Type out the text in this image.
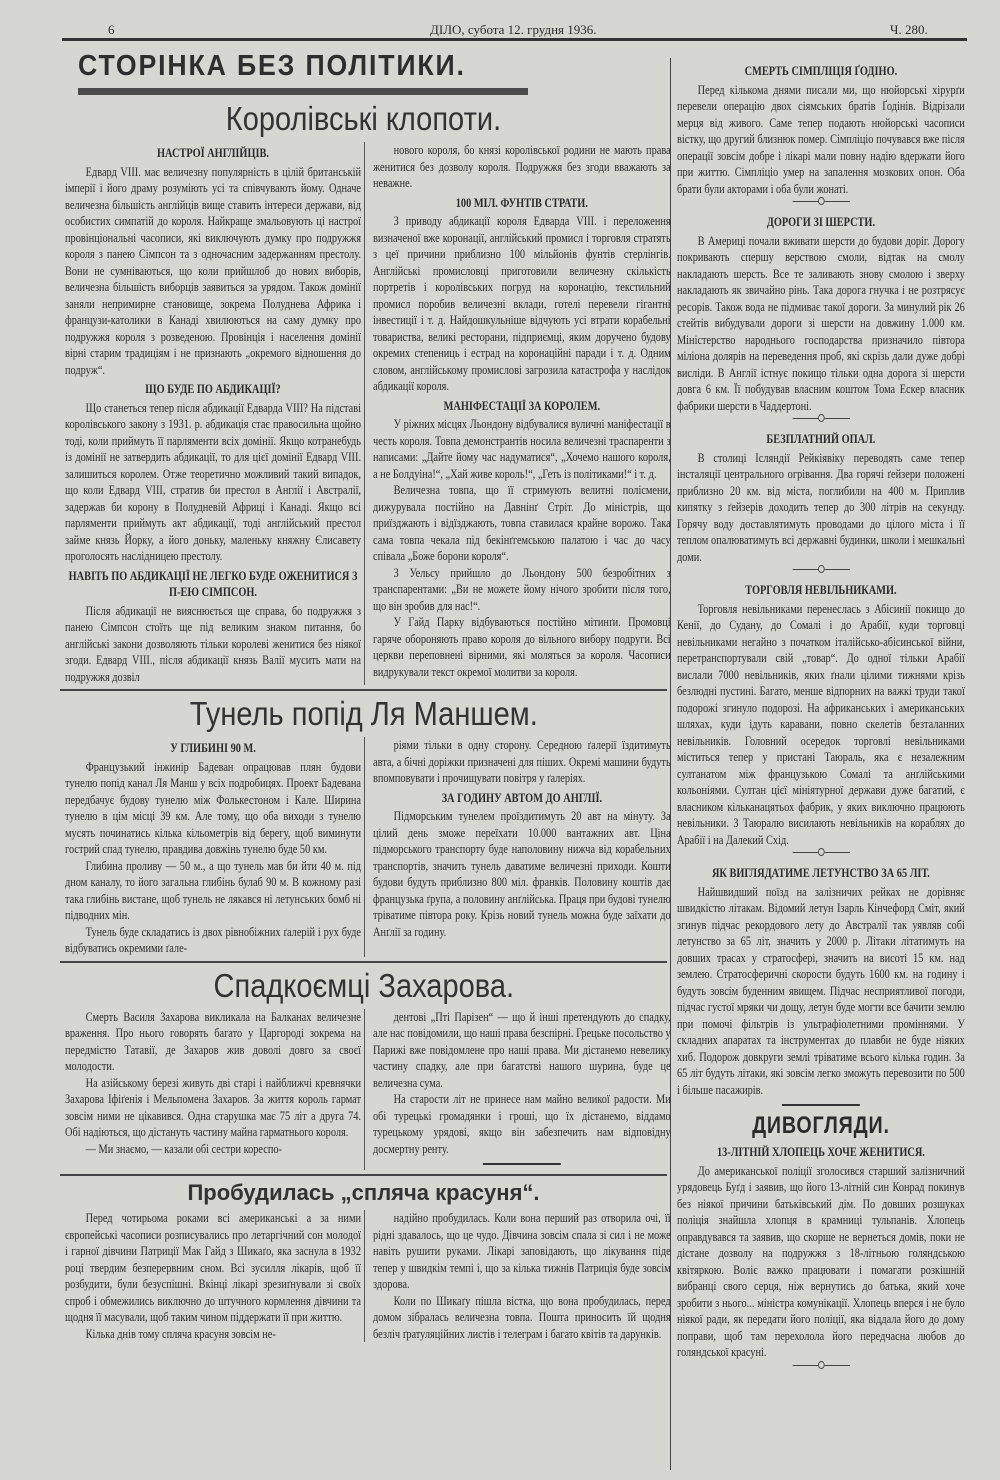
6	ДІЛО, субота 12. грудня 1936.	Ч. 280.
СТОРІНКА БЕЗ ПОЛІТИКИ.
Королівські клопоти.
НАСТРОЇ АНГЛІЙЦІВ.

Едвард VIII. має величезну популярність в цілій британській імперії і його драму розуміють усі та співчувають йому. Одначе величезна більшість англійців вище ставить інтереси держави, від особистих симпатій до короля. Найкраще змальовують ці настрої провінціональні часописи, які виключують думку про подружжя короля з панею Сімпсон та з одночасним задержанням престолу. Вони не сумніваються, що коли прийшлоб до нових виборів, величезна більшість виборців заявиться за урядом. Також домінії заняли непримирне становище, зокрема Полуднева Африка і французи-католики в Канаді хвилюються на саму думку про подружжя короля з розведеною. Провінція і населення домінії вірні старим традиціям і не признають „окремого відношення до подруж“.

ЩО БУДЕ ПО АБДИКАЦІЇ?

Що станеться тепер після абдикації Едварда VIII? На підставі королівського закону з 1931. р. абдикація стає правосильна щойно тоді, коли приймуть її парляменти всіх домінії. Якщо котранебудь із домінії не затвердить абдикації, то для цієї домінії Едвард VIII. залишиться королем. Отже теоретично можливий такий випадок, що коли Едвард VIII, стратив би престол в Англії і Австралії, задержав би корону в Полудневій Африці і Канаді. Якщо всі парляменти приймуть акт абдикації, тоді англійський престол займе князь Йорку, а його доньку, маленьку княжну Єлисавету проголосять наслідницею престолу.

НАВІТЬ ПО АБДИКАЦІЇ НЕ ЛЕГКО БУДЕ ОЖЕНИТИСЯ З П-ЕЮ СІМПСОН.

Після абдикації не вияснюється ще справа, бо подружжя з панею Сімпсон стоїть ще під великим знаком питання, бо англійські закони дозволяють тільки королеві женитися без ніякої згоди. Едвард VIII., після абдикації князь Валії мусить мати на подружжя дозвіл

нового короля, бо князі королівської родини не мають права женитися без дозволу короля. Подружжя без згоди вважають за неважне.

100 МІЛ. ФУНТІВ СТРАТИ.

З приводу абдикації короля Едварда VIII. і переложення визначеної вже коронації, англійський промисл і торговля стратять з цеї причини приблизно 100 мільйонів фунтів стерлінгів. Англійські промисловці приготовили величезну скількість портретів і королівських погруд на коронацію, текстильний промисл поробив величезні вклади, готелі перевели гігантні інвестиції і т. д. Найдошкульніше відчують усі втрати корабельні товариства, великі ресторани, підприємці, яким доручено будову окремих степениць і естрад на коронаційні паради і т. д. Одним словом, англійському промислові загрозила катастрофа у наслідок абдикації короля.

МАНІФЕСТАЦІЇ ЗА КОРОЛЕМ.

У ріжних місцях Льондону відбувалися вуличні маніфестації в честь короля. Товпа демонстрантів носила величезні траспаренти з написами: „Дайте йому час надуматися“, „Хочемо нашого короля, а не Болдуіна!“, „Хай живе король!“, „Геть із політиками!“ і т. д.

Величезна товпа, що її стримують велитні полісмени, дижурувала постійно на Давнінґ Стріт. До міністрів, що приїзджають і відїзджають, товпа ставилася крайне ворожо. Така сама товпа чекала під бекінґгемською палатою і час до часу співала „Боже борони короля“.

З Уельсу прийшло до Льондону 500 безробітних з транспарентами: „Ви не можете йому нічого зробити після того, що він зробив для нас!“.

У Гайд Парку відбуваються постійно мітинґи. Промовці гаряче обороняють право короля до вільного вибору подруги. Всі церкви переповнені вірними, які моляться за короля. Часописи видрукували текст окремої молитви за короля.

Тунель попід Ля Маншем.
У ГЛИБИНІ 90 М.

Французький інжинір Бадеван опрацював плян будови тунелю попід канал Ля Манш у всіх подробицях. Проект Бадевана передбачує будову тунелю між Фолькестоном і Кале. Ширина тунелю в цім місці 39 км. Але тому, що оба виходи з тунелю мусять починатись кілька кільометрів від берегу, щоб виминути гострий спад тунелю, правдива довжінь тунелю буде 50 км.

Глибина проливу — 50 м., а що тунель мав би йти 40 м. під дном каналу, то його загальна глибінь булаб 90 м. В кожному разі така глибінь вистане, щоб тунель не лякався ні летунських бомб ні підводних мін.

Тунель буде складатись із двох рівнобіжних ґалерій і рух буде відбуватись окремими ґале-

ріями тільки в одну сторону. Середною ґалерії їздитимуть авта, а бічні доріжки призначені для піших. Окремі машини будуть впомповувати і прочищувати повітря у ґалеріях.

ЗА ГОДИНУ АВТОМ ДО АНГЛІЇ.

Підморським тунелем проїздитимуть 20 авт на мінуту. За цілий день зможе переїхати 10.000 вантажних авт. Ціна підморського транспорту буде наполовину нижча від корабельних транспортів, значить тунель даватиме величезні приходи. Кошти будови будуть приблизно 800 міл. франків. Половину коштів дає французька ґрупа, а половину анґлійська. Праця при будові тунелю тріватиме півтора року. Крізь новий тунель можна буде заїхати до Анґлії за годину.

Спадкоємці Захарова.

Смерть Василя Захарова викликала на Балканах величезне враження. Про нього говорять багато у Царгороді зокрема на передмістю Татавії, де Захаров жив доволі довго за своєї молодости.

На азійському березі живуть дві старі і найближчі кревнячки Захарова Іфіґенія і Мельпомена Захаров. За життя король гармат зовсім ними не цікавився. Одна старушка має 75 літ а друга 74. Обі надіються, що дістануть частину майна гарматнього короля.

— Ми знаємо, — казали обі сестри кореспо-

дентові „Пті Парізен“ — що й інші претендують до спадку, але нас повідомили, що наші права безспірні. Грецьке посольство у Парижі вже повідомлене про наші права. Ми дістанемо невелику частину спадку, але при багатстві нашого шурина, буде це величезна сума.

На старости літ не принесе нам майно великої радости. Ми обі турецькі громадянки і гроші, що їх дістанемо, віддамо турецькому урядові, якщо він забезпечить нам відповідну досмертну ренту.

Пробудилась „спляча красуня“.

Перед чотирьома роками всі американські а за ними європейські часописи розписувались про летаргічний сон молодої і гарної дівчини Патриції Мак Гайд з Шикаґо, яка заснула в 1932 році твердим безперервним сном. Всі зусилля лікарів, щоб її розбудити, були безуспішні. Вкінці лікарі зрезиґнували зі своїх спроб і обмежились виключно до штучного кормлення дівчини та щодня її масували, щоб таким чином піддержати її при життю.

Кілька днів тому спляча красуня зовсім не-

надійно пробудилась. Коли вона перший раз отворила очі, її рідні здавалось, що це чудо. Дівчина зовсім спала зі сил і не може навіть рушити руками. Лікарі заповідають, що лікування піде тепер у швидкім темпі і, що за кілька тижнів Патриція буде зовсім здорова.

Коли по Шикаґу пішла вістка, що вона пробудилась, перед домом зібралась величезна товпа. Пошта приносить їй щодня безліч ґратуляційних листів і телеграм і багато квітів та дарунків.

СМЕРТЬ СІМПЛІЦІЯ ҐОДІНО.

Перед кількома днями писали ми, що нюйорські хірурґи перевели операцію двох сіямських братів Ґодінів. Відрізали мерця від живого. Саме тепер подають нюйорські часописи вістку, що другий близнюк помер. Сімпліціо почувався вже після операції зовсім добре і лікарі мали повну надію вдержати його при життю. Сімпліціо умер на запалення мозкових опон. Оба брати були акторами і оба були жонаті.

ДОРОГИ ЗІ ШЕРСТИ.

В Америці почали вживати шерсти до будови доріг. Дорогу покривають спершу верствою смоли, відтак на смолу накладають шерсть. Все те заливають знову смолою і зверху накладають як звичайно рінь. Така дорога гнучка і не розтрясує ресорів. Також вода не підмиває такої дороги. За минулий рік 26 стейтів вибудували дороги зі шерсти на довжину 1.000 км. Міністерство народнього господарства призначило півтора міліона долярів на переведення проб, які скрізь дали дуже добрі висліди. В Англії істнує покищо тільки одна дорога зі шерсти довга 6 км. Її побудував власним коштом Тома Ескер власник фабрики шерсти в Чаддертоні.

БЕЗПЛАТНИЙ ОПАЛ.

В столиці Ісляндії Рейкіявіку переводять саме тепер інсталяції центрального огрівання. Два горячі ґейзери положені приблизно 20 км. від міста, поглибили на 400 м. Приплив кипятку з ґейзерів доходить тепер до 300 літрів на секунду. Горячу воду доставлятимуть проводами до цілого міста і її теплом опалюватимуть всі державні будинки, школи і мешкальні доми.

ТОРГОВЛЯ НЕВІЛЬНИКАМИ.

Торговля невільниками перенеслась з Абісинії покищо до Кенії, до Судану, до Сомалі і до Арабії, куди торговці невільниками негайно з початком італійсько-абісинської війни, перетранспортували свій „товар“. До одної тільки Арабії вислали 7000 невільників, яких ґнали цілими тижнями крізь безлюдні пустині. Багато, менше відпорних на важкі труди такої подорожі згинуло подорозі. На африканських і американських шляхах, куди ідуть каравани, повно скелетів безталанних невільників. Головний осередок торговлі невільниками міститься тепер у пристані Таюраль, яка є незалежним султанатом між французькою Сомалі та анґлійськими кольоніями. Султан цієї мініятурної держави дуже багатий, є власником кільканацятьох фабрик, у яких виключно працюють невільники. З Таюралю висилають невільників на кораблях до Арабії і на Далекий Схід.

ЯК ВИГЛЯДАТИМЕ ЛЕТУНСТВО ЗА 65 ЛІТ.

Найшвидший поїзд на залізничих рейках не дорівняє швидкістю літакам. Відомий летун Ізарль Кінчефорд Сміт, який згинув підчас рекордового лету до Австралії так уявляв собі летунство за 65 літ, значить у 2000 р. Літаки літатимуть на довших трасах у стратосфері, значить на висоті 15 км. над землею. Стратосферичні скорости будуть 1600 км. на годину і будуть зовсім буденним явищем. Підчас несприятливої погоди, підчас густої мряки чи дощу, летун буде могти все бачити землю при помочі фільтрів із ультрафіолетними проміннями. У складних апаратах та інструментах до плавби не буде ніяких хиб. Подорож довкруги землі тріватиме всього кілька годин. За 65 літ будуть літаки, які зовсім легко зможуть перевозити по 500 і більше пасажирів.

ДИВОГЛЯДИ.
13-ЛІТНІЙ ХЛОПЕЦЬ ХОЧЕ ЖЕНИТИСЯ.

До американської поліції зголосився старший залізничний урядовець Буґд і заявив, що його 13-літній син Конрад покинув без ніякої причини батьківський дім. По довших розшуках поліція знайшла хлопця в крамниці тульпанів. Хлопець оправдувався та заявив, що скорше не вернеться домів, поки не дістане дозволу на подружжя з 18-літньою голяндською квітяркою. Воліє важко працювати і помагати розкішній вибранці свого серця, ніж вернутись до батька, який хоче зробити з нього... міністра комунікації. Хлопець вперся і не було ніякої ради, як передати його поліції, яка віддала його до дому поправи, щоб там перехолола його передчасна любов до голяндської красуні.
